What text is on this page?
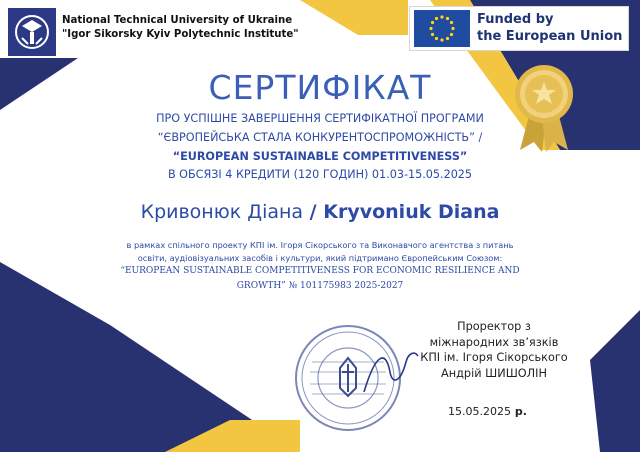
National Technical University of Ukraine
"Igor Sikorsky Kyiv Polytechnic Institute"
Funded by
the European Union
СЕРТИФІКАТ
ПРО УСПІШНЕ ЗАВЕРШЕННЯ СЕРТИФІКАТНОЇ ПРОГРАМИ
“ЄВРОПЕЙСЬКА СТАЛА КОНКУРЕНТОСПРОМОЖНІСТЬ” /
“EUROPEAN SUSTAINABLE COMPETITIVENESS”
В ОБСЯЗІ 4 КРЕДИТИ (120 ГОДИН) 01.03-15.05.2025
Кривонюк Діана / Kryvoniuk Diana
в рамках спільного проекту КПІ ім. Ігоря Сікорського та Виконавчого агентства з питань
освіти, аудіовізуальних засобів і культури, який підтримано Європейським Союзом:
“EUROPEAN SUSTAINABLE COMPETITIVENESS FOR ECONOMIC RESILIENCE AND
GROWTH” № 101175983 2025-2027
Проректор з
міжнародних зв’язків
КПІ ім. Ігоря Сікорського
Андрій ШИШОЛІН
15.05.2025 р.
